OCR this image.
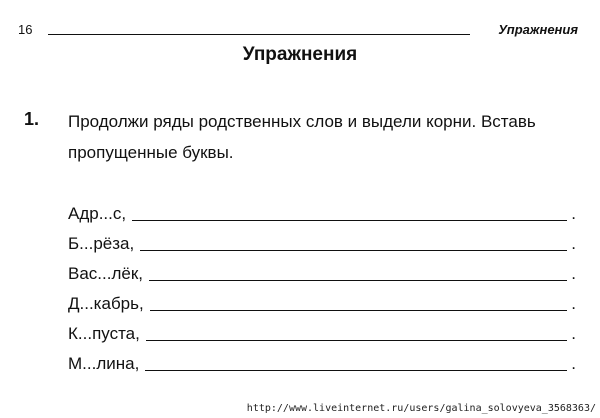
16	Упражнения
Упражнения
1. Продолжи ряды родственных слов и выдели корни. Вставь
пропущенные буквы.
Адр...с,	.
Б...рёза,	.
Вас...лёк,	.
Д...кабрь,	.
К...пуста,	.
М...лина,	.
http://www.liveinternet.ru/users/galina_solovyeva_3568363/
